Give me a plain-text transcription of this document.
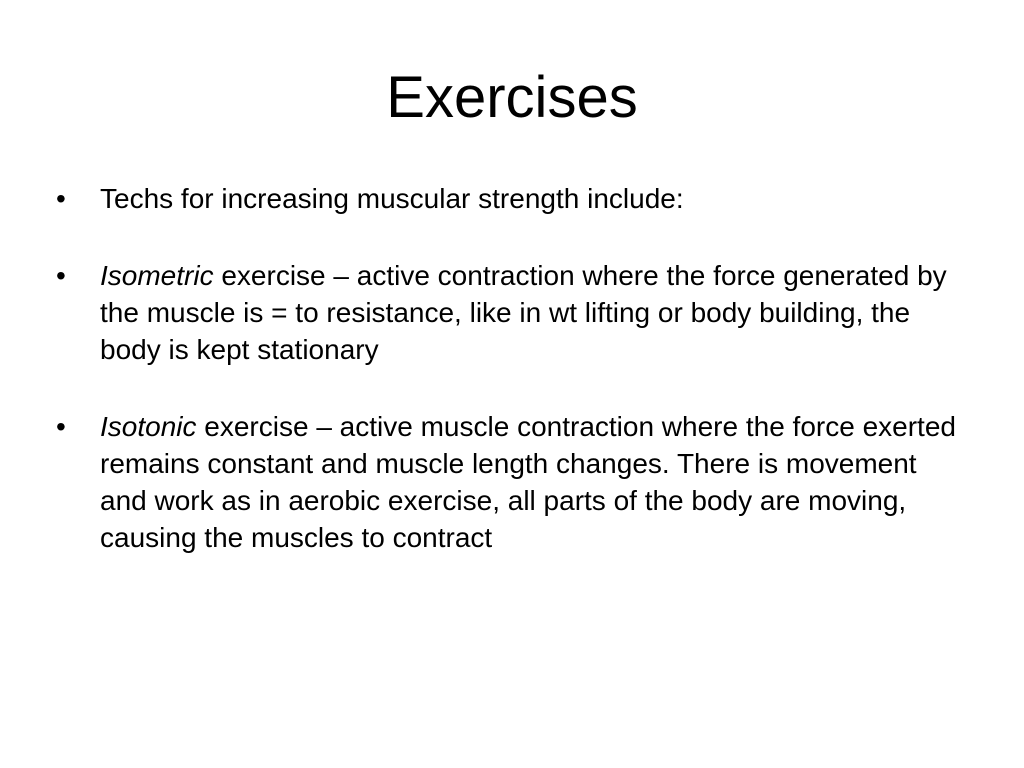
Exercises
•	Techs for increasing muscular strength include:
•	Isometric exercise – active contraction where the force generated by the muscle is = to resistance, like in wt lifting or body building, the body is kept stationary
•	Isotonic exercise – active muscle contraction where the force exerted remains constant and muscle length changes. There is movement and work as in aerobic exercise, all parts of the body are moving, causing the muscles to contract
